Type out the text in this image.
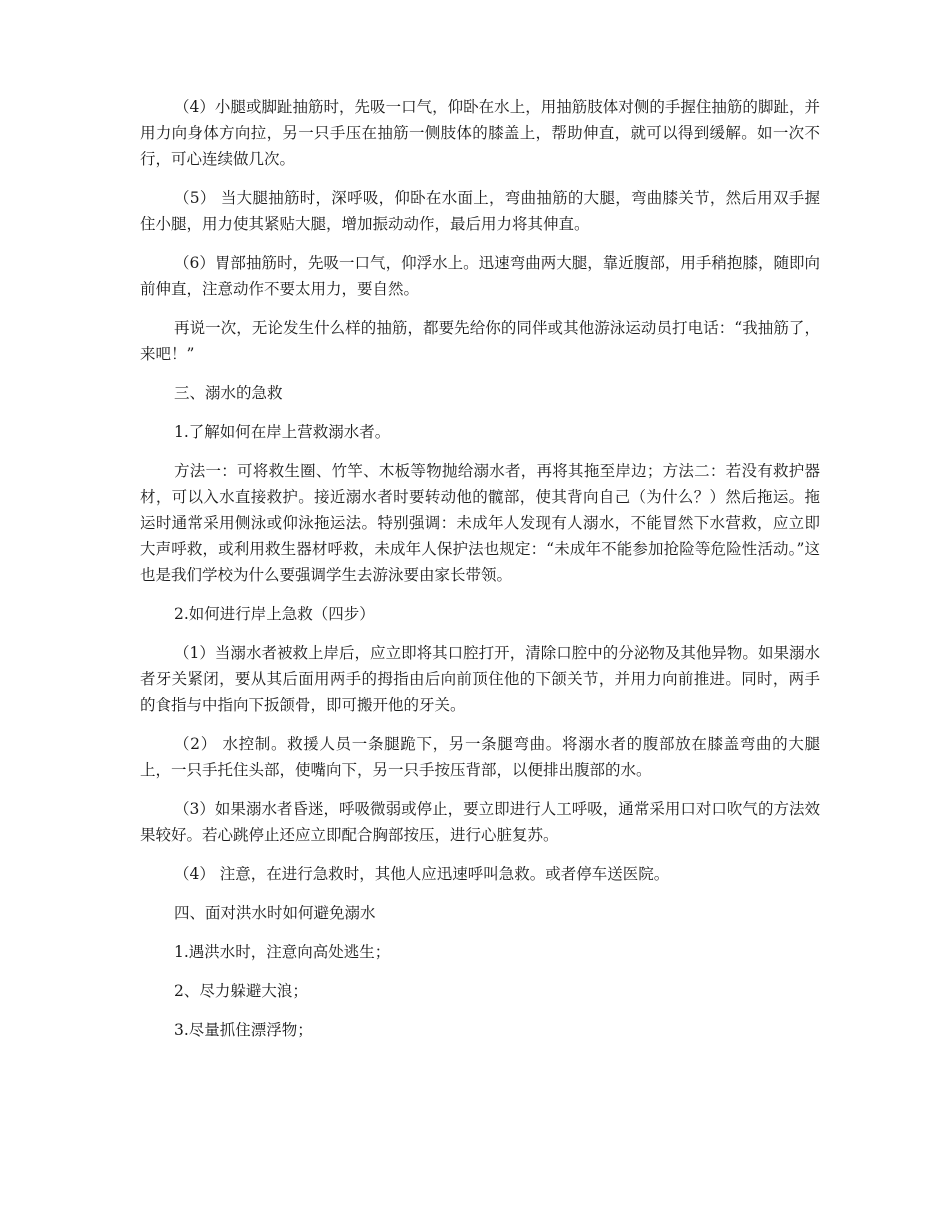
（4）小腿或脚趾抽筋时，先吸一口气，仰卧在水上，用抽筋肢体对侧的手握住抽筋的脚趾，并用力向身体方向拉，另一只手压在抽筋一侧肢体的膝盖上，帮助伸直，就可以得到缓解。如一次不行，可心连续做几次。

（5） 当大腿抽筋时，深呼吸，仰卧在水面上，弯曲抽筋的大腿，弯曲膝关节，然后用双手握住小腿，用力使其紧贴大腿，增加振动动作，最后用力将其伸直。

（6）胃部抽筋时，先吸一口气，仰浮水上。迅速弯曲两大腿，靠近腹部，用手稍抱膝，随即向前伸直，注意动作不要太用力，要自然。

再说一次，无论发生什么样的抽筋，都要先给你的同伴或其他游泳运动员打电话：“我抽筋了，来吧！”

三、溺水的急救

1.了解如何在岸上营救溺水者。

方法一：可将救生圈、竹竿、木板等物抛给溺水者，再将其拖至岸边；方法二：若没有救护器材，可以入水直接救护。接近溺水者时要转动他的髋部，使其背向自己（为什么？）然后拖运。拖运时通常采用侧泳或仰泳拖运法。特别强调：未成年人发现有人溺水，不能冒然下水营救，应立即大声呼救，或利用救生器材呼救，未成年人保护法也规定：“未成年不能参加抢险等危险性活动。”这也是我们学校为什么要强调学生去游泳要由家长带领。

2.如何进行岸上急救（四步）

（1）当溺水者被救上岸后，应立即将其口腔打开，清除口腔中的分泌物及其他异物。如果溺水者牙关紧闭，要从其后面用两手的拇指由后向前顶住他的下颌关节，并用力向前推进。同时，两手的食指与中指向下扳颌骨，即可搬开他的牙关。

（2） 水控制。救援人员一条腿跪下，另一条腿弯曲。将溺水者的腹部放在膝盖弯曲的大腿上，一只手托住头部，使嘴向下，另一只手按压背部，以便排出腹部的水。

（3）如果溺水者昏迷，呼吸微弱或停止，要立即进行人工呼吸，通常采用口对口吹气的方法效果较好。若心跳停止还应立即配合胸部按压，进行心脏复苏。

（4） 注意，在进行急救时，其他人应迅速呼叫急救。或者停车送医院。

四、面对洪水时如何避免溺水

1.遇洪水时，注意向高处逃生；

2、尽力躲避大浪；

3.尽量抓住漂浮物；
